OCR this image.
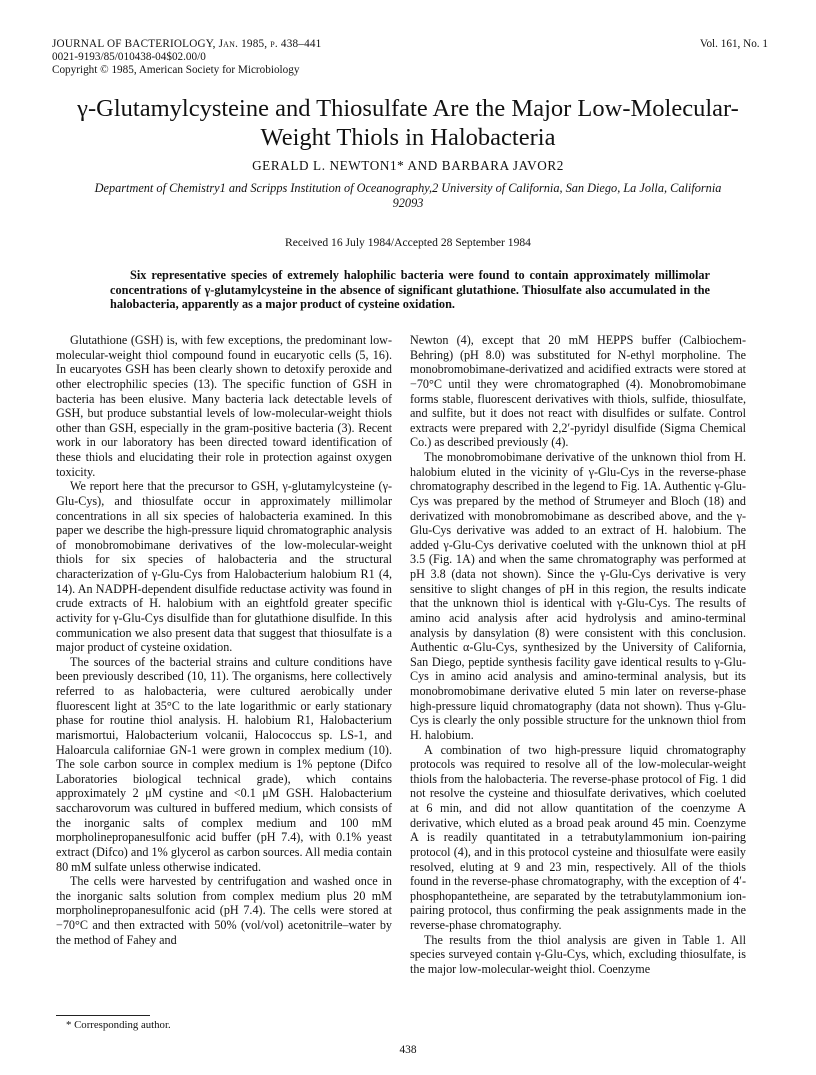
JOURNAL OF BACTERIOLOGY, Jan. 1985, p. 438–441
0021-9193/85/010438-04$02.00/0
Copyright © 1985, American Society for Microbiology
Vol. 161, No. 1
γ-Glutamylcysteine and Thiosulfate Are the Major Low-Molecular-
Weight Thiols in Halobacteria
GERALD L. NEWTON1* AND BARBARA JAVOR2
Department of Chemistry1 and Scripps Institution of Oceanography,2 University of California, San Diego, La Jolla, California 92093
Received 16 July 1984/Accepted 28 September 1984

Six representative species of extremely halophilic bacteria were found to contain approximately millimolar concentrations of γ-glutamylcysteine in the absence of significant glutathione. Thiosulfate also accumulated in the halobacteria, apparently as a major product of cysteine oxidation.

Glutathione (GSH) is, with few exceptions, the predominant low-molecular-weight thiol compound found in eucaryotic cells (5, 16). In eucaryotes GSH has been clearly shown to detoxify peroxide and other electrophilic species (13). The specific function of GSH in bacteria has been elusive. Many bacteria lack detectable levels of GSH, but produce substantial levels of low-molecular-weight thiols other than GSH, especially in the gram-positive bacteria (3). Recent work in our laboratory has been directed toward identification of these thiols and elucidating their role in protection against oxygen toxicity.

We report here that the precursor to GSH, γ-glutamylcysteine (γ-Glu-Cys), and thiosulfate occur in approximately millimolar concentrations in all six species of halobacteria examined. In this paper we describe the high-pressure liquid chromatographic analysis of monobromobimane derivatives of the low-molecular-weight thiols for six species of halobacteria and the structural characterization of γ-Glu-Cys from Halobacterium halobium R1 (4, 14). An NADPH-dependent disulfide reductase activity was found in crude extracts of H. halobium with an eightfold greater specific activity for γ-Glu-Cys disulfide than for glutathione disulfide. In this communication we also present data that suggest that thiosulfate is a major product of cysteine oxidation.

The sources of the bacterial strains and culture conditions have been previously described (10, 11). The organisms, here collectively referred to as halobacteria, were cultured aerobically under fluorescent light at 35°C to the late logarithmic or early stationary phase for routine thiol analysis. H. halobium R1, Halobacterium marismortui, Halobacterium volcanii, Halococcus sp. LS-1, and Haloarcula californiae GN-1 were grown in complex medium (10). The sole carbon source in complex medium is 1% peptone (Difco Laboratories biological technical grade), which contains approximately 2 μM cystine and <0.1 μM GSH. Halobacterium saccharovorum was cultured in buffered medium, which consists of the inorganic salts of complex medium and 100 mM morpholinepropanesulfonic acid buffer (pH 7.4), with 0.1% yeast extract (Difco) and 1% glycerol as carbon sources. All media contain 80 mM sulfate unless otherwise indicated.

The cells were harvested by centrifugation and washed once in the inorganic salts solution from complex medium plus 20 mM morpholinepropanesulfonic acid (pH 7.4). The cells were stored at −70°C and then extracted with 50% (vol/vol) acetonitrile–water by the method of Fahey and

Newton (4), except that 20 mM HEPPS buffer (Calbiochem-Behring) (pH 8.0) was substituted for N-ethyl morpholine. The monobromobimane-derivatized and acidified extracts were stored at −70°C until they were chromatographed (4). Monobromobimane forms stable, fluorescent derivatives with thiols, sulfide, thiosulfate, and sulfite, but it does not react with disulfides or sulfate. Control extracts were prepared with 2,2′-pyridyl disulfide (Sigma Chemical Co.) as described previously (4).

The monobromobimane derivative of the unknown thiol from H. halobium eluted in the vicinity of γ-Glu-Cys in the reverse-phase chromatography described in the legend to Fig. 1A. Authentic γ-Glu-Cys was prepared by the method of Strumeyer and Bloch (18) and derivatized with monobromobimane as described above, and the γ-Glu-Cys derivative was added to an extract of H. halobium. The added γ-Glu-Cys derivative coeluted with the unknown thiol at pH 3.5 (Fig. 1A) and when the same chromatography was performed at pH 3.8 (data not shown). Since the γ-Glu-Cys derivative is very sensitive to slight changes of pH in this region, the results indicate that the unknown thiol is identical with γ-Glu-Cys. The results of amino acid analysis after acid hydrolysis and amino-terminal analysis by dansylation (8) were consistent with this conclusion. Authentic α-Glu-Cys, synthesized by the University of California, San Diego, peptide synthesis facility gave identical results to γ-Glu-Cys in amino acid analysis and amino-terminal analysis, but its monobromobimane derivative eluted 5 min later on reverse-phase high-pressure liquid chromatography (data not shown). Thus γ-Glu-Cys is clearly the only possible structure for the unknown thiol from H. halobium.

A combination of two high-pressure liquid chromatography protocols was required to resolve all of the low-molecular-weight thiols from the halobacteria. The reverse-phase protocol of Fig. 1 did not resolve the cysteine and thiosulfate derivatives, which coeluted at 6 min, and did not allow quantitation of the coenzyme A derivative, which eluted as a broad peak around 45 min. Coenzyme A is readily quantitated in a tetrabutylammonium ion-pairing protocol (4), and in this protocol cysteine and thiosulfate were easily resolved, eluting at 9 and 23 min, respectively. All of the thiols found in the reverse-phase chromatography, with the exception of 4′-phosphopantetheine, are separated by the tetrabutylammonium ion-pairing protocol, thus confirming the peak assignments made in the reverse-phase chromatography.

The results from the thiol analysis are given in Table 1. All species surveyed contain γ-Glu-Cys, which, excluding thiosulfate, is the major low-molecular-weight thiol. Coenzyme

* Corresponding author.
438
